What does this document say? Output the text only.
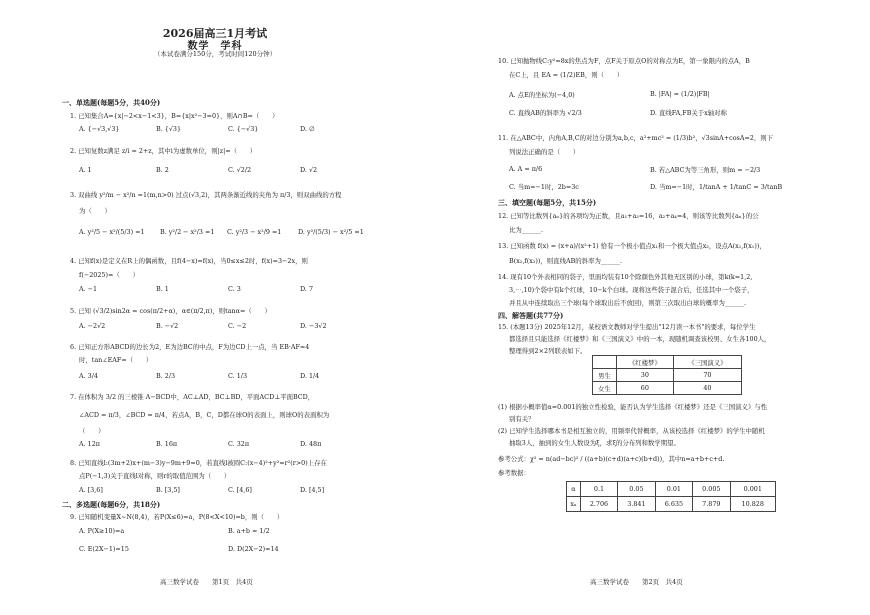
2026届高三1月考试
数学　学科
（本试卷满分150分，考试时间120分钟）
一、单选题(每题5分，共40分)
1. 已知集合A={x|−2<x−1<3}，B={x|x²−3=0}，则A∩B=（　　）
A. {−√3,√3}	B. {√3}	C. {−√3}	D. ∅
2. 已知复数z满足 z/i = 2+z，其中i为虚数单位，则|z|=（　　）
A. 1	B. 2	C. √2/2	D. √2
3. 双曲线 y²/m − x²/n =1(m,n>0) 过点(√3,2)，其两条渐近线的夹角为 π/3，则双曲线的方程
为（　　）
A. y²/5 − x²/(5/3) =1 B. y²/2 − x²/3 =1 C. y²/3 − x²/9 =1	D. y²/(5/3) − x²/5 =1
4. 已知f(x)是定义在R上的偶函数，且f(4−x)=f(x)，当0≤x≤2时，f(x)=3−2x，则
f(−2025)=（　　）
A. −1	B. 1	C. 3	D. 7
5. 已知 (√3/2)sin2α = cos(π/2+α)，α∈(π/2,π)，则tanα=（　　）
A. −2√2	B. −√2	C. −2	D. −3√2
6. 已知正方形ABCD的边长为2，E为边BC的中点，F为边CD上一点，当 EB·AF=4
时，tan∠EAF=（　　）
A. 3/4	B. 2/3	C. 1/3	D. 1/4
7. 在体积为 3/2 的三棱锥 A−BCD中，AC⊥AD，BC⊥BD，平面ACD⊥平面BCD，
∠ACD = π/3，∠BCD = π/4，若点A，B，C，D都在球O的表面上，则球O的表面积为
（　　）
A. 12π	B. 16π	C. 32π	D. 48π
8. 已知直线l:(3m+2)x+(m−3)y−9m+9=0，若直线l被圆C:(x−4)²+y²=r²(r>0)上存在
点P(−1,3)关于直线l对称，则r的取值范围为（　　）
A. [3,6]	B. [3,5]	C. [4,6]	D. [4,5]
二、多选题(每题6分，共18分)
9. 已知随机变量X~N(8,4)，若P(X≤6)=a，P(8<X<10)=b，则（　　）
A. P(X≥10)=a	B. a+b = 1/2
C. E(2X−1)=15	D. D(2X−2)=14
高三数学试卷　　第1页　共4页
10. 已知抛物线C:y²=8x的焦点为F，点F关于原点O的对称点为E，第一象限内的点A，B
在C上，且 EA = (1/2)EB，则（　　）
A. 点E的坐标为(−4,0)	B. |FA| = (1/2)|FB|
C. 直线AB的斜率为 √2/3	D. 直线FA,FB关于x轴对称
11. 在△ABC中，内角A,B,C的对边分别为a,b,c，a²+mc² = (1/3)b²，√3sinA+cosA=2，则下
列说法正确的是（　　）
A. A = π/6	B. 若△ABC为等三角形，则m = −2/3
C. 当m=−1时，2b=3c	D. 当m=−1时，1/tanA + 1/tanC = 3/tanB
三、填空题(每题5分，共15分)
12. 已知等比数列{aₙ}的各项均为正数，且a₁+a₃=16，a₂+a₄=4，则该等比数列{aₙ}的公
比为______.
13. 已知函数 f(x) = (x+a)/(x²+1) 恰有一个极小值点x₁和一个极大值点x₂，设点A(x₁,f(x₁))，
B(x₂,f(x₂))，则直线AB的斜率为______.
14. 现有10个外表相同的袋子，里面均装有10个除颜色外其他无区别的小球，第k(k=1,2,
3,⋯,10)个袋中有k个红球，10−k个白球。现将这些袋子混合后，任选其中一个袋子，
并且从中连续取出三个球(每个球取出后不放回)，则第三次取出白球的概率为______.
四、解答题(共77分)
15. (本题13分) 2025年12月，某校语文教师对学生提出"12月读一本书"的要求，每位学生
都选择且只能选择《红楼梦》和《三国演义》中的一本，现随机调查该校男、女生各100人，
整理得到2×2列联表如下。
	《红楼梦》	《三国演义》
男生	30	70
女生	60	40
(1) 根据小概率值α=0.001的独立性检验，能否认为学生选择《红楼梦》还是《三国演义》与性
别有关？
(2) 已知学生选择哪本书是相互独立的，用频率代替概率，从该校选择《红楼梦》的学生中随机
抽取3人，抽到的女生人数设为ξ，求ξ的分布列和数学期望。
参考公式：χ² = n(ad−bc)² / ((a+b)(c+d)(a+c)(b+d))，其中n=a+b+c+d.
参考数据：
α	0.1	0.05	0.01	0.005	0.001
xₐ	2.706	3.841	6.635	7.879	10.828
高三数学试卷　　第2页　共4页
